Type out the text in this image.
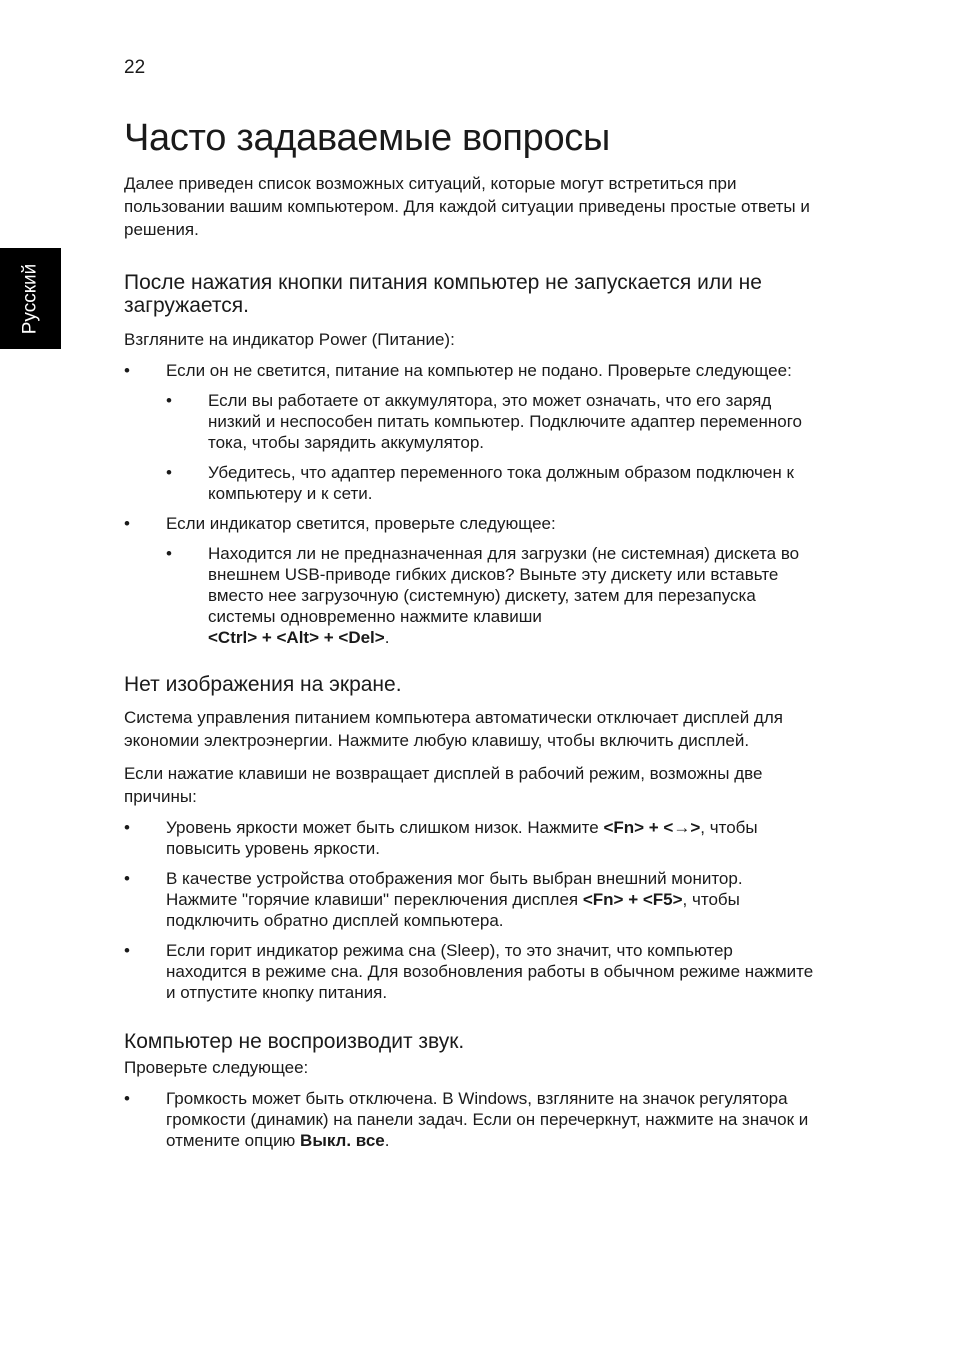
22
Русский
Часто задаваемые вопросы

Далее приведен список возможных ситуаций, которые могут встретиться при пользовании вашим компьютером. Для каждой ситуации приведены простые ответы и решения.

После нажатия кнопки питания компьютер не запускается или не загружается.

Взгляните на индикатор Power (Питание):

• Если он не светится, питание на компьютер не подано. Проверьте следующее:
• Если вы работаете от аккумулятора, это может означать, что его заряд низкий и неспособен питать компьютер. Подключите адаптер переменного тока, чтобы зарядить аккумулятор.
• Убедитесь, что адаптер переменного тока должным образом подключен к компьютеру и к сети.
• Если индикатор светится, проверьте следующее:
• Находится ли не предназначенная для загрузки (не системная) дискета во внешнем USB-приводе гибких дисков? Выньте эту дискету или вставьте вместо нее загрузочную (системную) дискету, затем для перезапуска системы одновременно нажмите клавиши
<Ctrl> + <Alt> + <Del>.
Нет изображения на экране.

Система управления питанием компьютера автоматически отключает дисплей для экономии электроэнергии. Нажмите любую клавишу, чтобы включить дисплей.

Если нажатие клавиши не возвращает дисплей в рабочий режим, возможны две причины:

• Уровень яркости может быть слишком низок. Нажмите <Fn> + <→>, чтобы повысить уровень яркости.
• В качестве устройства отображения мог быть выбран внешний монитор. Нажмите "горячие клавиши" переключения дисплея <Fn> + <F5>, чтобы подключить обратно дисплей компьютера.
• Если горит индикатор режима сна (Sleep), то это значит, что компьютер находится в режиме сна. Для возобновления работы в обычном режиме нажмите и отпустите кнопку питания.
Компьютер не воспроизводит звук.

Проверьте следующее:

• Громкость может быть отключена. В Windows, взгляните на значок регулятора громкости (динамик) на панели задач. Если он перечеркнут, нажмите на значок и отмените опцию Выкл. все.
